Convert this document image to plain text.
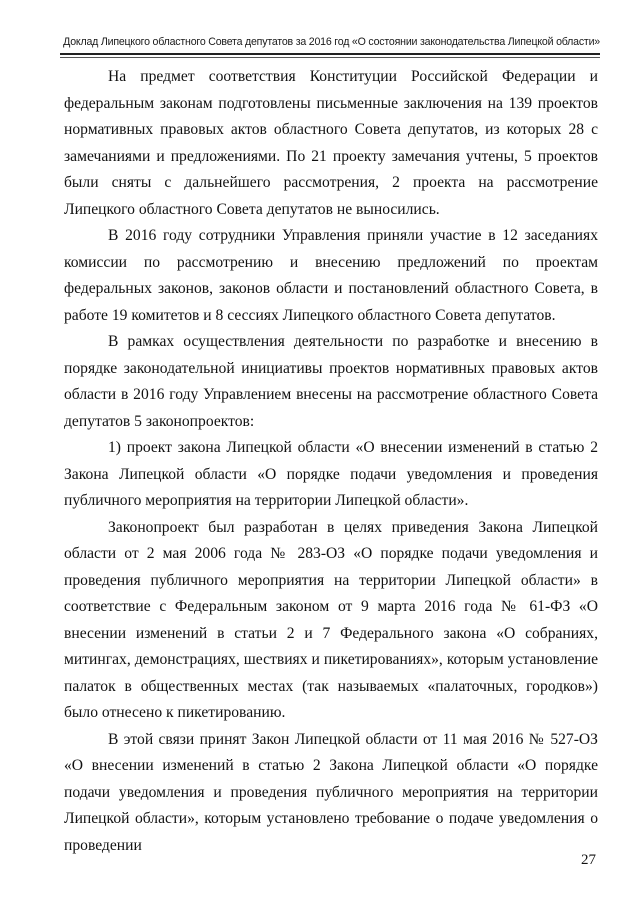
Доклад Липецкого областного Совета депутатов за 2016 год «О состоянии законодательства Липецкой области»

На предмет соответствия Конституции Российской Федерации и федеральным законам подготовлены письменные заключения на 139 проектов нормативных правовых актов областного Совета депутатов, из которых 28 с замечаниями и предложениями. По 21 проекту замечания учтены, 5 проектов были сняты с дальнейшего рассмотрения, 2 проекта на рассмотрение Липецкого областного Совета депутатов не выносились.

В 2016 году сотрудники Управления приняли участие в 12 заседаниях комиссии по рассмотрению и внесению предложений по проектам федеральных законов, законов области и постановлений областного Совета, в работе 19 комитетов и 8 сессиях Липецкого областного Совета депутатов.

В рамках осуществления деятельности по разработке и внесению в порядке законодательной инициативы проектов нормативных правовых актов области в 2016 году Управлением внесены на рассмотрение областного Совета депутатов 5 законопроектов:

1) проект закона Липецкой области «О внесении изменений в статью 2 Закона Липецкой области «О порядке подачи уведомления и проведения публичного мероприятия на территории Липецкой области».

Законопроект был разработан в целях приведения Закона Липецкой области от 2 мая 2006 года № 283-ОЗ «О порядке подачи уведомления и проведения публичного мероприятия на территории Липецкой области» в соответствие с Федеральным законом от 9 марта 2016 года № 61-ФЗ «О внесении изменений в статьи 2 и 7 Федерального закона «О собраниях, митингах, демонстрациях, шествиях и пикетированиях», которым установление палаток в общественных местах (так называемых «палаточных, городков») было отнесено к пикетированию.

В этой связи принят Закон Липецкой области от 11 мая 2016 № 527-ОЗ «О внесении изменений в статью 2 Закона Липецкой области «О порядке подачи уведомления и проведения публичного мероприятия на территории Липецкой области», которым установлено требование о подаче уведомления о проведении

27
